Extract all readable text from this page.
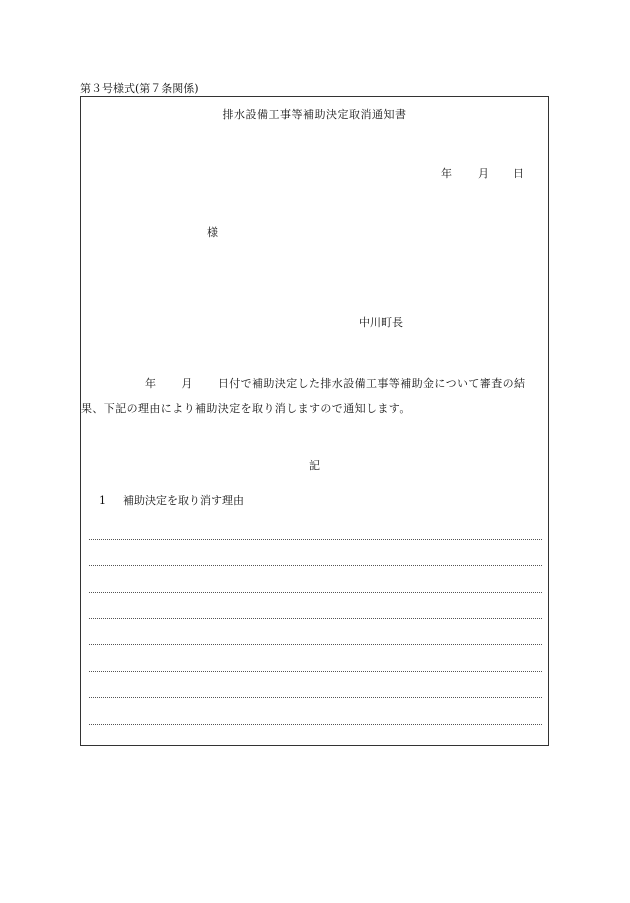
第３号様式(第７条関係)
排水設備工事等補助決定取消通知書
年 月 日
様
中川町長
年 月 日付で補助決定した排水設備工事等補助金について審査の結
果、下記の理由により補助決定を取り消しますので通知します。
記
1 補助決定を取り消す理由
